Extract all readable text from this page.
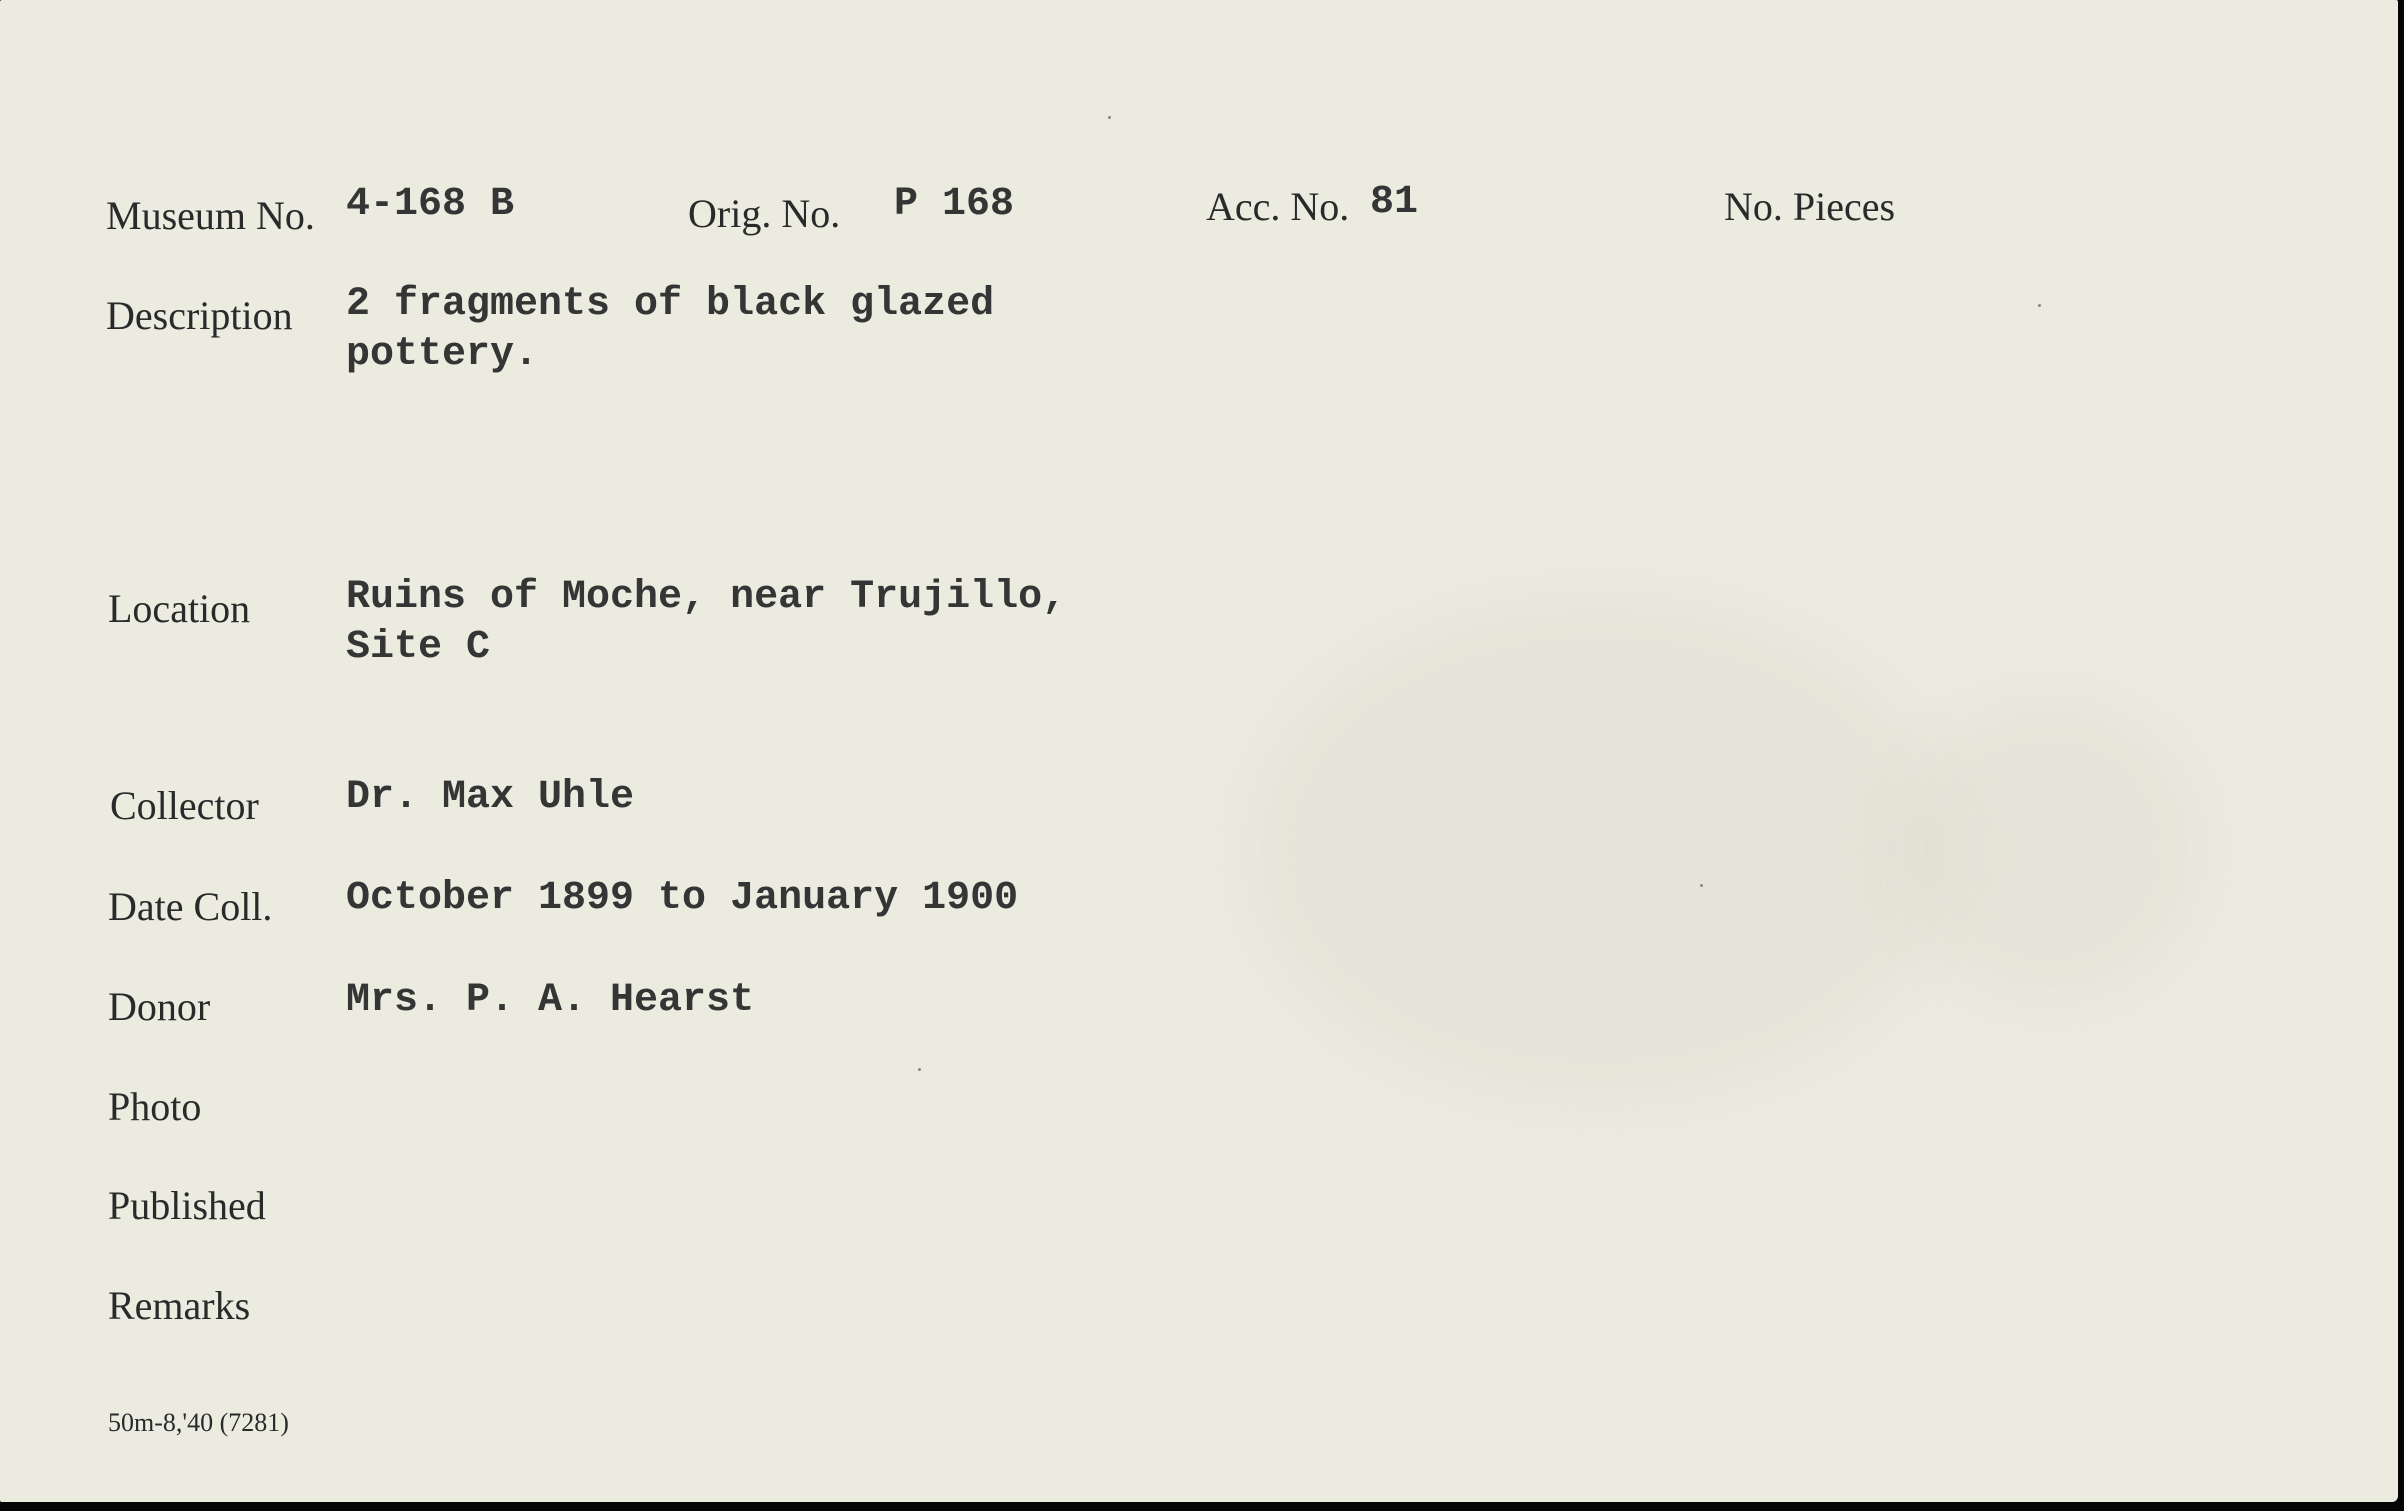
Museum No. 4-168 B	Orig. No. P 168	Acc. No. 81	No. Pieces
Description 2 fragments of black glazed
pottery.
Location Ruins of Moche, near Trujillo,
Site C
Collector Dr. Max Uhle
Date Coll. October 1899 to January 1900
Donor	Mrs. P. A. Hearst
Photo
Published
Remarks
50m-8,'40 (7281)
